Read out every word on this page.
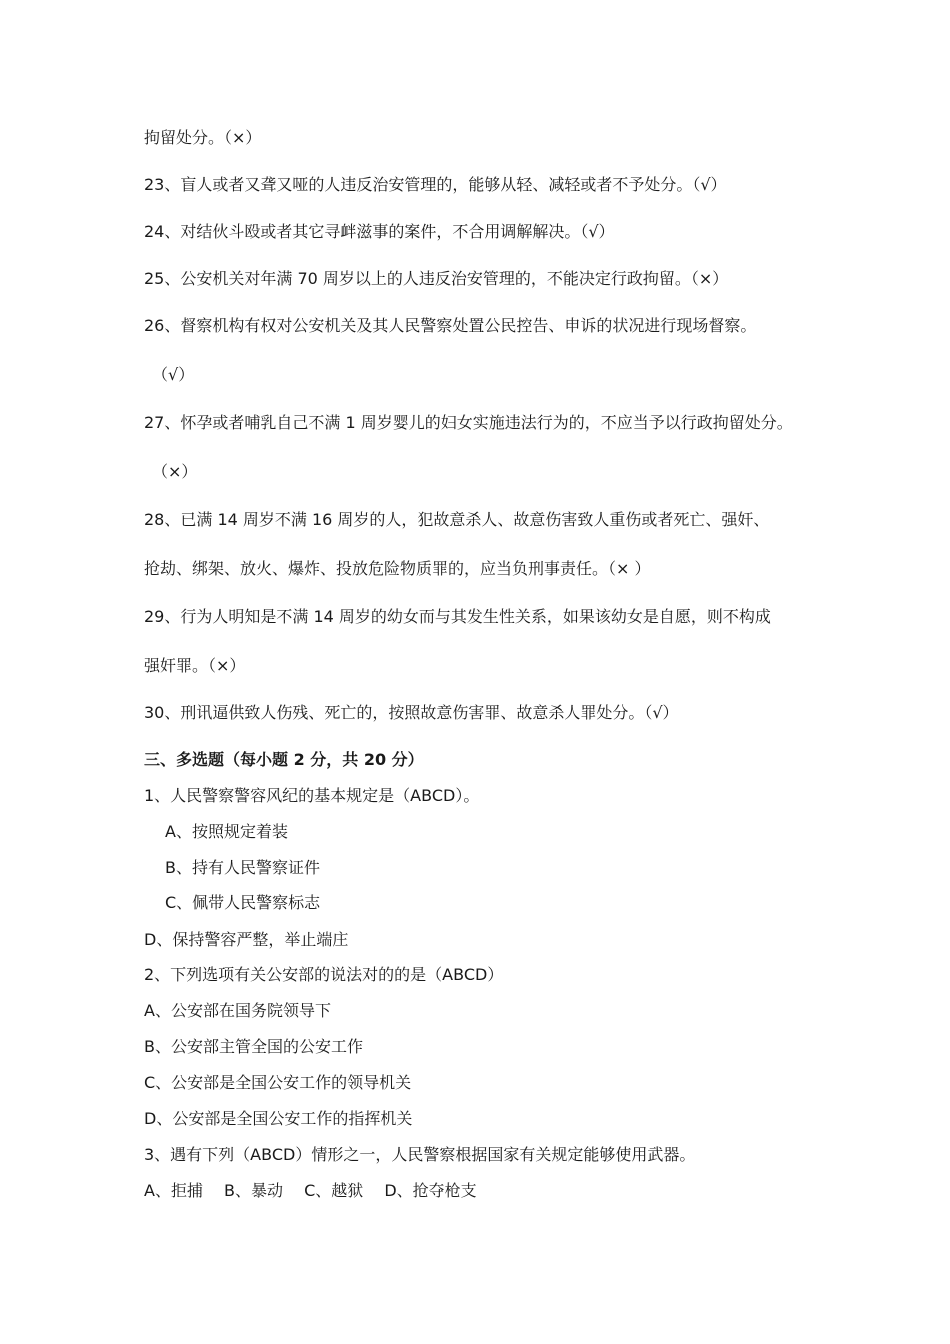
拘留处分。（×）
23、盲人或者又聋又哑的人违反治安管理的，能够从轻、减轻或者不予处分。（√）
24、对结伙斗殴或者其它寻衅滋事的案件，不合用调解解决。（√）
25、公安机关对年满 70 周岁以上的人违反治安管理的，不能决定行政拘留。（×）
26、督察机构有权对公安机关及其人民警察处置公民控告、申诉的状况进行现场督察。
（√）
27、怀孕或者哺乳自己不满 1 周岁婴儿的妇女实施违法行为的，不应当予以行政拘留处分。
（×）
28、已满 14 周岁不满 16 周岁的人，犯故意杀人、故意伤害致人重伤或者死亡、强奸、
抢劫、绑架、放火、爆炸、投放危险物质罪的，应当负刑事责任。（× ）
29、行为人明知是不满 14 周岁的幼女而与其发生性关系，如果该幼女是自愿，则不构成
强奸罪。（×）
30、刑讯逼供致人伤残、死亡的，按照故意伤害罪、故意杀人罪处分。（√）
三、多选题（每小题 2 分，共 20 分）
1、人民警察警容风纪的基本规定是（ABCD）。
A、按照规定着装
B、持有人民警察证件
C、佩带人民警察标志
D、保持警容严整，举止端庄
2、下列选项有关公安部的说法对的的是（ABCD）
A、公安部在国务院领导下
B、公安部主管全国的公安工作
C、公安部是全国公安工作的领导机关
D、公安部是全国公安工作的指挥机关
3、遇有下列（ABCD）情形之一，人民警察根据国家有关规定能够使用武器。
A、拒捕 　B、暴动 　C、越狱 　D、抢夺枪支
